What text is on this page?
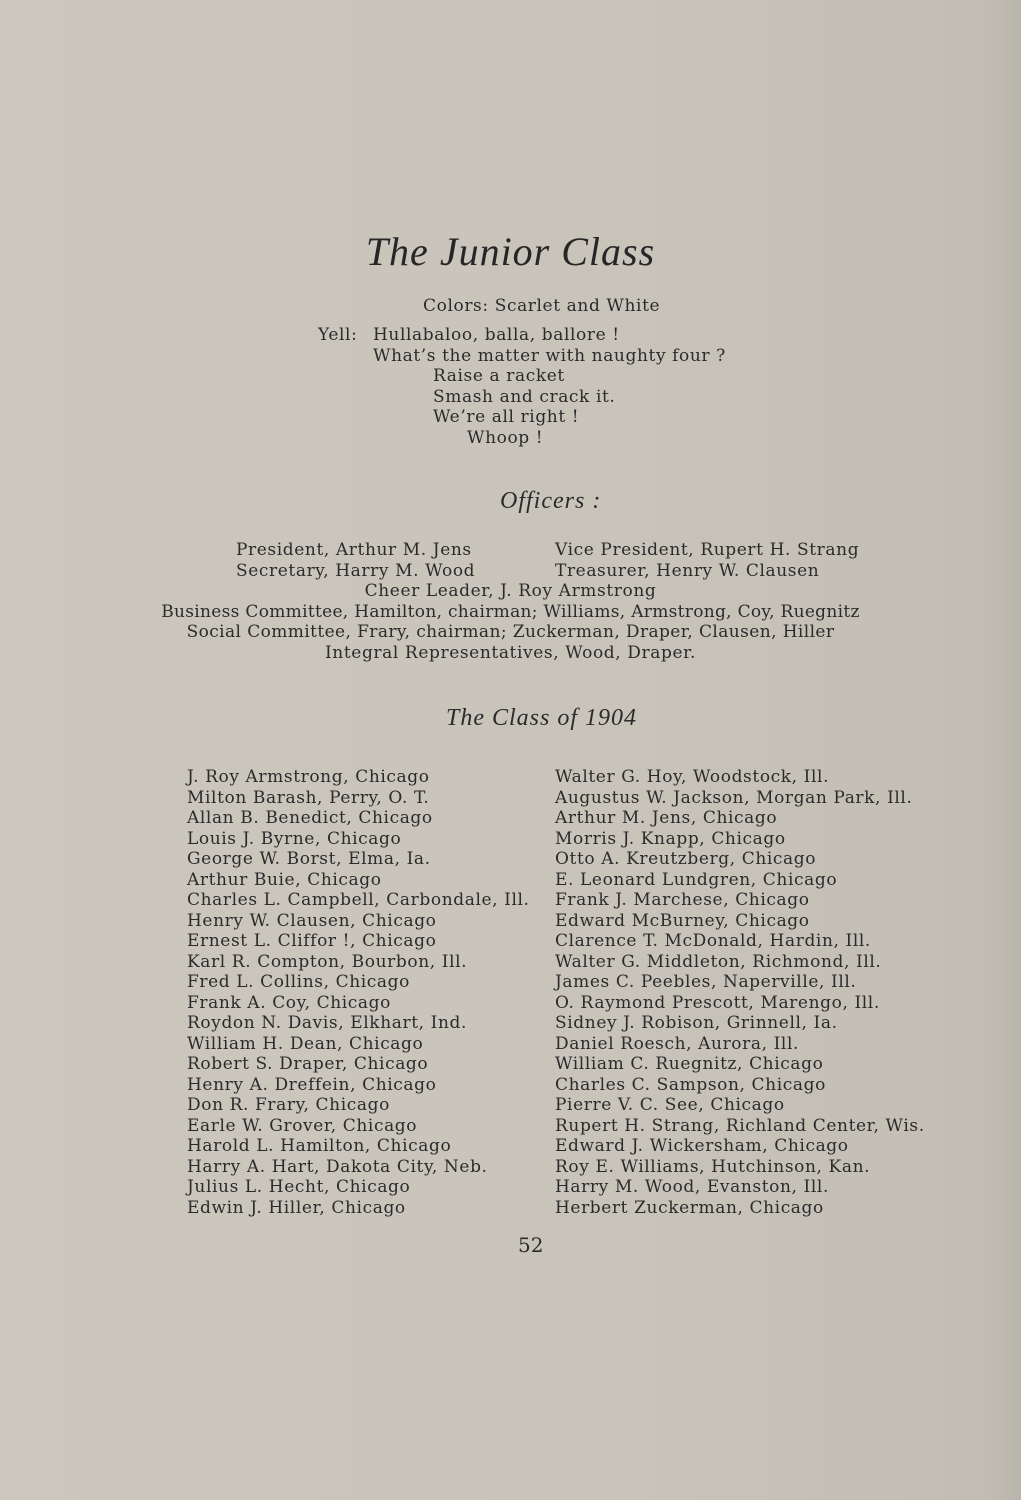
The Junior Class
Colors: Scarlet and White
Yell: Hullabaloo, balla, ballore !
What’s the matter with naughty four ?
Raise a racket
Smash and crack it.
We’re all right !
Whoop !
Officers :
President, Arthur M. Jens	Vice President, Rupert H. Strang
Secretary, Harry M. Wood	Treasurer, Henry W. Clausen
Cheer Leader, J. Roy Armstrong
Business Committee, Hamilton, chairman; Williams, Armstrong, Coy, Ruegnitz
Social Committee, Frary, chairman; Zuckerman, Draper, Clausen, Hiller
Integral Representatives, Wood, Draper.
The Class of 1904
J. Roy Armstrong, Chicago
Milton Barash, Perry, O. T.
Allan B. Benedict, Chicago
Louis J. Byrne, Chicago
George W. Borst, Elma, Ia.
Arthur Buie, Chicago
Charles L. Campbell, Carbondale, Ill.
Henry W. Clausen, Chicago
Ernest L. Cliffor !, Chicago
Karl R. Compton, Bourbon, Ill.
Fred L. Collins, Chicago
Frank A. Coy, Chicago
Roydon N. Davis, Elkhart, Ind.
William H. Dean, Chicago
Robert S. Draper, Chicago
Henry A. Dreffein, Chicago
Don R. Frary, Chicago
Earle W. Grover, Chicago
Harold L. Hamilton, Chicago
Harry A. Hart, Dakota City, Neb.
Julius L. Hecht, Chicago
Edwin J. Hiller, Chicago
Walter G. Hoy, Woodstock, Ill.
Augustus W. Jackson, Morgan Park, Ill.
Arthur M. Jens, Chicago
Morris J. Knapp, Chicago
Otto A. Kreutzberg, Chicago
E. Leonard Lundgren, Chicago
Frank J. Marchese, Chicago
Edward McBurney, Chicago
Clarence T. McDonald, Hardin, Ill.
Walter G. Middleton, Richmond, Ill.
James C. Peebles, Naperville, Ill.
O. Raymond Prescott, Marengo, Ill.
Sidney J. Robison, Grinnell, Ia.
Daniel Roesch, Aurora, Ill.
William C. Ruegnitz, Chicago
Charles C. Sampson, Chicago
Pierre V. C. See, Chicago
Rupert H. Strang, Richland Center, Wis.
Edward J. Wickersham, Chicago
Roy E. Williams, Hutchinson, Kan.
Harry M. Wood, Evanston, Ill.
Herbert Zuckerman, Chicago
52
